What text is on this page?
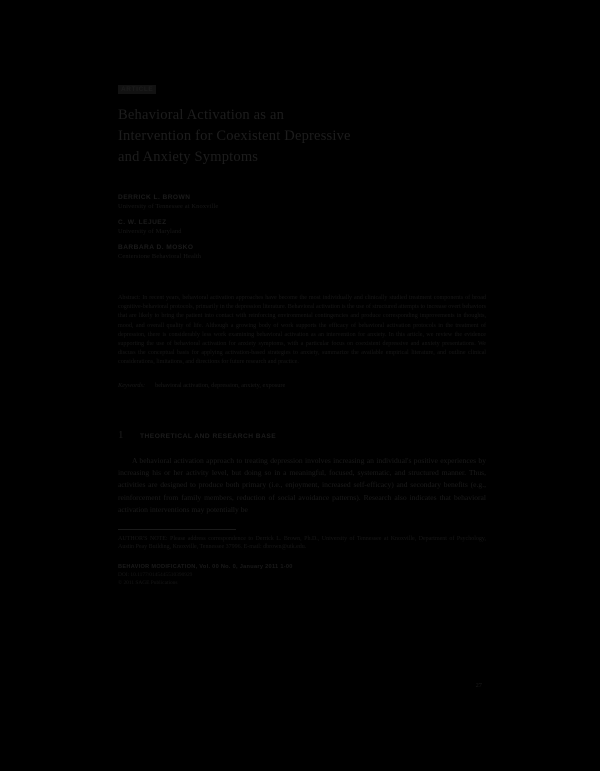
ARTICLE
Behavioral Activation as an
Intervention for Coexistent Depressive
and Anxiety Symptoms
DERRICK L. BROWN
University of Tennessee at Knoxville
C. W. LEJUEZ
University of Maryland
BARBARA D. MOSKO
Centerstone Behavioral Health
Abstract: In recent years, behavioral activation approaches have become the most individually and clinically studied treatment components of broad cognitive-behavioral protocols, primarily in the depression literature. Behavioral activation is the use of structured attempts to increase overt behaviors that are likely to bring the patient into contact with reinforcing environmental contingencies and produce corresponding improvements in thoughts, mood, and overall quality of life. Although a growing body of work supports the efficacy of behavioral activation protocols in the treatment of depression, there is considerably less work examining behavioral activation as an intervention for anxiety. In this article, we review the evidence supporting the use of behavioral activation for anxiety symptoms, with a particular focus on coexistent depressive and anxiety presentations. We discuss the conceptual basis for applying activation-based strategies to anxiety, summarize the available empirical literature, and outline clinical considerations, limitations, and directions for future research and practice.
Keywords: behavioral activation, depression, anxiety, exposure
1	THEORETICAL AND RESEARCH BASE

A behavioral activation approach to treating depression involves increasing an individual's positive experiences by increasing his or her activity level, but doing so in a meaningful, focused, systematic, and structured manner. Thus, activities are designed to produce both primary (i.e., enjoyment, increased self-efficacy) and secondary benefits (e.g., reinforcement from family members, reduction of social avoidance patterns). Research also indicates that behavioral activation interventions may potentially be

AUTHOR'S NOTE: Please address correspondence to Derrick L. Brown, Ph.D., University of Tennessee at Knoxville, Department of Psychology, Austin Peay Building, Knoxville, Tennessee 37996. E-mail: dbrown@utk.edu.
BEHAVIOR MODIFICATION, Vol. 00 No. 0, January 2011 1-00
DOI: 10.1177/0145445510390929
© 2011 SAGE Publications
27
